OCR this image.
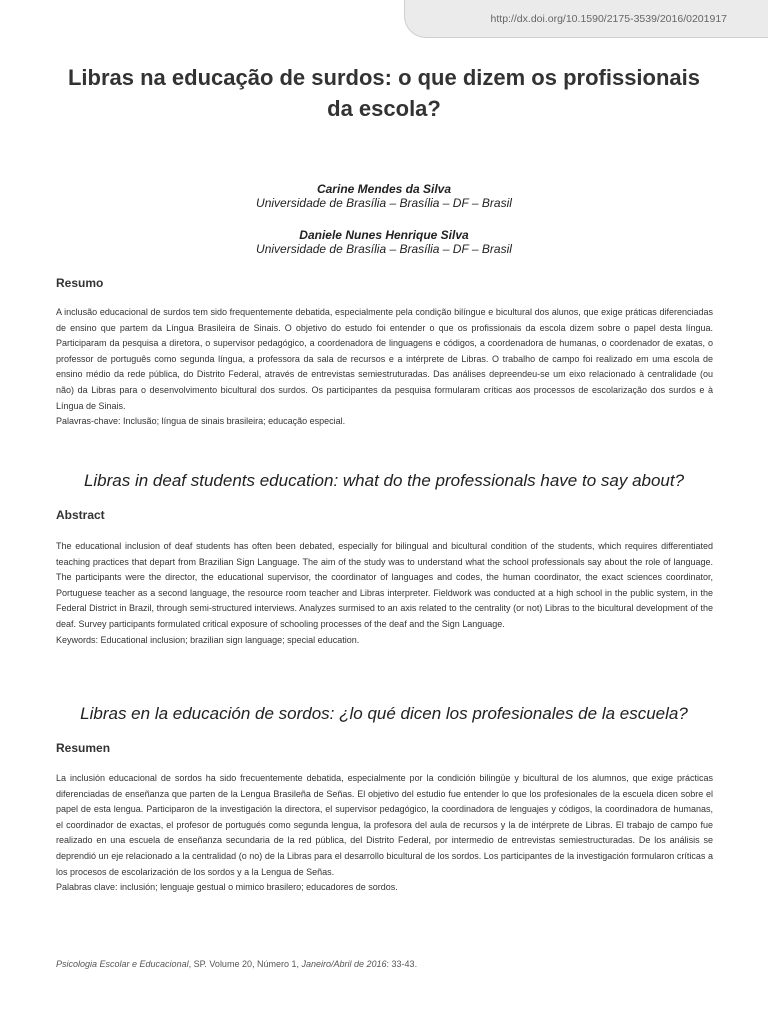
http://dx.doi.org/10.1590/2175-3539/2016/0201917
Libras na educação de surdos: o que dizem os profissionais da escola?
Carine Mendes da Silva
Universidade de Brasília – Brasília – DF – Brasil
Daniele Nunes Henrique Silva
Universidade de Brasília – Brasília – DF – Brasil
Resumo

A inclusão educacional de surdos tem sido frequentemente debatida, especialmente pela condição bilíngue e bicultural dos alunos, que exige práticas diferenciadas de ensino que partem da Língua Brasileira de Sinais. O objetivo do estudo foi entender o que os profissionais da escola dizem sobre o papel desta língua. Participaram da pesquisa a diretora, o supervisor pedagógico, a coordenadora de linguagens e códigos, a coordenadora de humanas, o coordenador de exatas, o professor de português como segunda língua, a professora da sala de recursos e a intérprete de Libras. O trabalho de campo foi realizado em uma escola de ensino médio da rede pública, do Distrito Federal, através de entrevistas semiestruturadas. Das análises depreendeu-se um eixo relacionado à centralidade (ou não) da Libras para o desenvolvimento bicultural dos surdos. Os participantes da pesquisa formularam críticas aos processos de escolarização dos surdos e à Língua de Sinais.

Palavras-chave: Inclusão; língua de sinais brasileira; educação especial.
Libras in deaf students education: what do the professionals have to say about?
Abstract

The educational inclusion of deaf students has often been debated, especially for bilingual and bicultural condition of the students, which requires differentiated teaching practices that depart from Brazilian Sign Language. The aim of the study was to understand what the school professionals say about the role of language. The participants were the director, the educational supervisor, the coordinator of languages and codes, the human coordinator, the exact sciences coordinator, Portuguese teacher as a second language, the resource room teacher and Libras interpreter. Fieldwork was conducted at a high school in the public system, in the Federal District in Brazil, through semi-structured interviews. Analyzes surmised to an axis related to the centrality (or not) Libras to the bicultural development of the deaf. Survey participants formulated critical exposure of schooling processes of the deaf and the Sign Language.

Keywords: Educational inclusion; brazilian sign language; special education.
Libras en la educación de sordos: ¿lo qué dicen los profesionales de la escuela?
Resumen

La inclusión educacional de sordos ha sido frecuentemente debatida, especialmente por la condición bilingüe y bicultural de los alumnos, que exige prácticas diferenciadas de enseñanza que parten de la Lengua Brasileña de Señas. El objetivo del estudio fue entender lo que los profesionales de la escuela dicen sobre el papel de esta lengua. Participaron de la investigación la directora, el supervisor pedagógico, la coordinadora de lenguajes y códigos, la coordinadora de humanas, el coordinador de exactas, el profesor de portugués como segunda lengua, la profesora del aula de recursos y la de intérprete de Libras. El trabajo de campo fue realizado en una escuela de enseñanza secundaria de la red pública, del Distrito Federal, por intermedio de entrevistas semiestructuradas. De los análisis se deprendió un eje relacionado a la centralidad (o no) de la Libras para el desarrollo bicultural de los sordos. Los participantes de la investigación formularon críticas a los procesos de escolarización de los sordos y a la Lengua de Señas.

Palabras clave: inclusión; lenguaje gestual o mimico brasilero; educadores de sordos.
Psicologia Escolar e Educacional, SP. Volume 20, Número 1, Janeiro/Abril de 2016: 33-43.
